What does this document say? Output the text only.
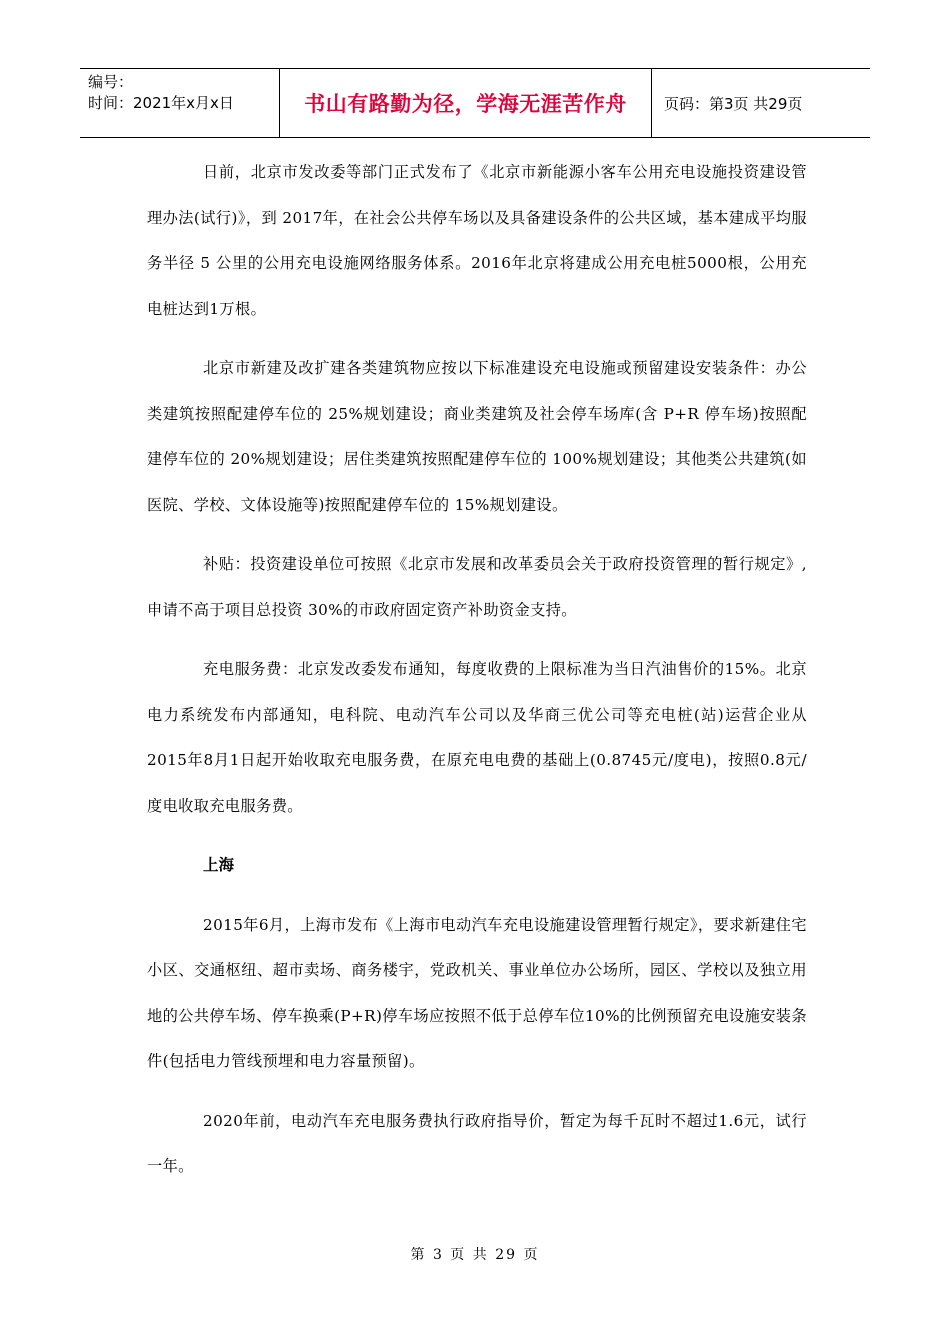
编号：
时间：2021年x月x日	书山有路勤为径，学海无涯苦作舟	页码：第3页 共29页

日前，北京市发改委等部门正式发布了《北京市新能源小客车公用充电设施投资建设管理办法(试行)》，到 2017年，在社会公共停车场以及具备建设条件的公共区域，基本建成平均服务半径 5 公里的公用充电设施网络服务体系。2016年北京将建成公用充电桩5000根，公用充电桩达到1万根。

北京市新建及改扩建各类建筑物应按以下标准建设充电设施或预留建设安装条件：办公类建筑按照配建停车位的 25%规划建设；商业类建筑及社会停车场库(含 P+R 停车场)按照配建停车位的 20%规划建设；居住类建筑按照配建停车位的 100%规划建设；其他类公共建筑(如医院、学校、文体设施等)按照配建停车位的 15%规划建设。

补贴：投资建设单位可按照《北京市发展和改革委员会关于政府投资管理的暂行规定》,申请不高于项目总投资 30%的市政府固定资产补助资金支持。

充电服务费：北京发改委发布通知，每度收费的上限标准为当日汽油售价的15%。北京电力系统发布内部通知，电科院、电动汽车公司以及华商三优公司等充电桩(站)运营企业从2015年8月1日起开始收取充电服务费，在原充电电费的基础上(0.8745元/度电)，按照0.8元/度电收取充电服务费。

上海

2015年6月，上海市发布《上海市电动汽车充电设施建设管理暂行规定》，要求新建住宅小区、交通枢纽、超市卖场、商务楼宇，党政机关、事业单位办公场所，园区、学校以及独立用地的公共停车场、停车换乘(P+R)停车场应按照不低于总停车位10%的比例预留充电设施安装条件(包括电力管线预埋和电力容量预留)。

2020年前，电动汽车充电服务费执行政府指导价，暂定为每千瓦时不超过1.6元，试行一年。

第 3 页 共 29 页
